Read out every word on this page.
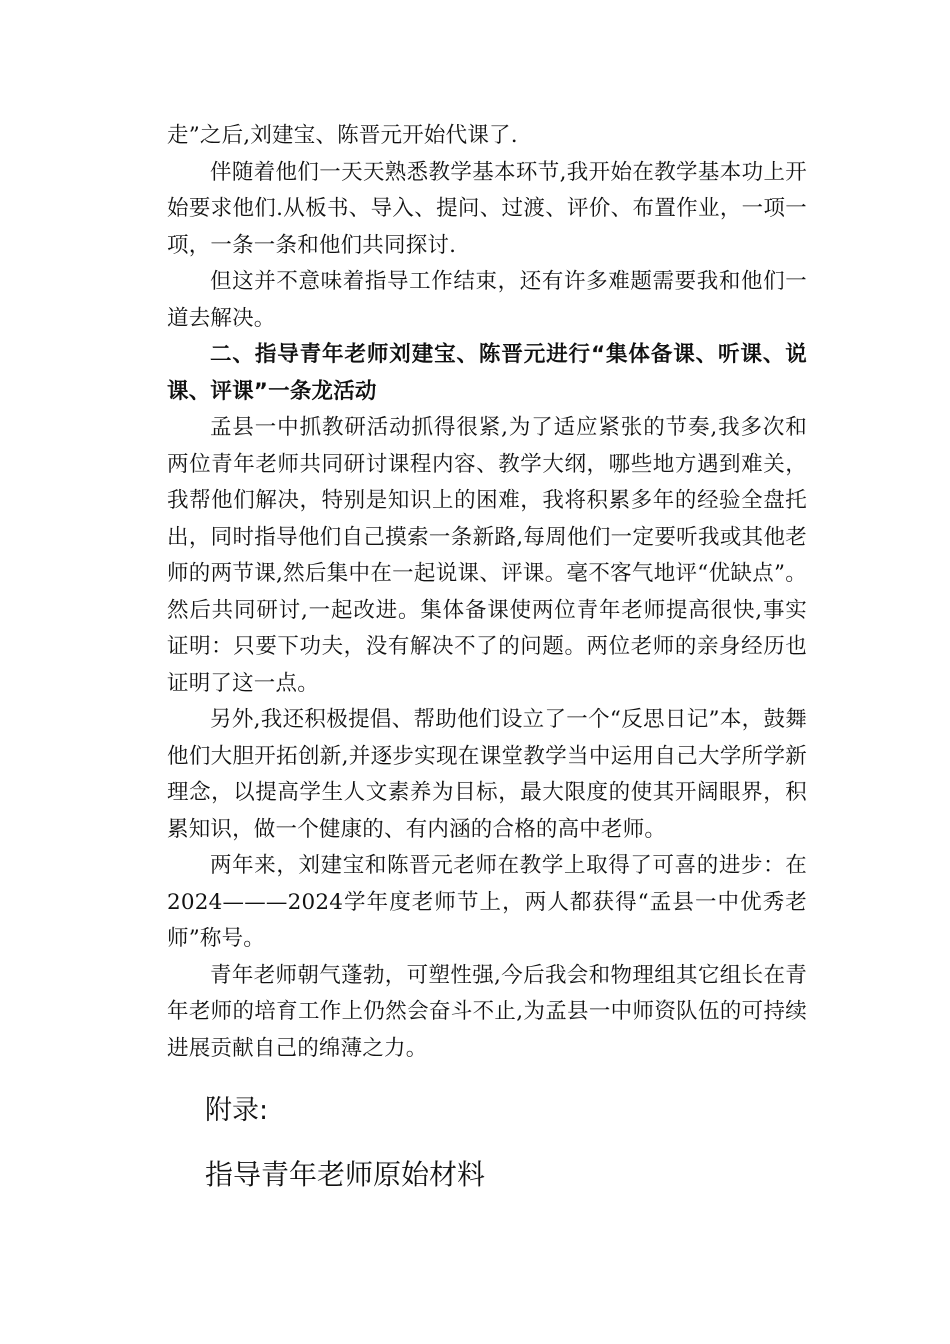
走”之后,刘建宝、陈晋元开始代课了.

伴随着他们一天天熟悉教学基本环节,我开始在教学基本功上开始要求他们.从板书、导入、提问、过渡、评价、布置作业，一项一项，一条一条和他们共同探讨.

但这并不意味着指导工作结束，还有许多难题需要我和他们一道去解决。

二、指导青年老师刘建宝、陈晋元进行“集体备课、听课、说课、评课”一条龙活动

孟县一中抓教研活动抓得很紧,为了适应紧张的节奏,我多次和两位青年老师共同研讨课程内容、教学大纲，哪些地方遇到难关，我帮他们解决，特别是知识上的困难，我将积累多年的经验全盘托出，同时指导他们自己摸索一条新路,每周他们一定要听我或其他老师的两节课,然后集中在一起说课、评课。毫不客气地评“优缺点”。然后共同研讨,一起改进。集体备课使两位青年老师提高很快,事实证明：只要下功夫，没有解决不了的问题。两位老师的亲身经历也证明了这一点。

另外,我还积极提倡、帮助他们设立了一个“反思日记”本，鼓舞他们大胆开拓创新,并逐步实现在课堂教学当中运用自己大学所学新理念，以提高学生人文素养为目标，最大限度的使其开阔眼界，积累知识，做一个健康的、有内涵的合格的高中老师。

两年来，刘建宝和陈晋元老师在教学上取得了可喜的进步：在2024———2024学年度老师节上，两人都获得“孟县一中优秀老师”称号。

青年老师朝气蓬勃，可塑性强,今后我会和物理组其它组长在青年老师的培育工作上仍然会奋斗不止,为孟县一中师资队伍的可持续进展贡献自己的绵薄之力。

附录:
指导青年老师原始材料
